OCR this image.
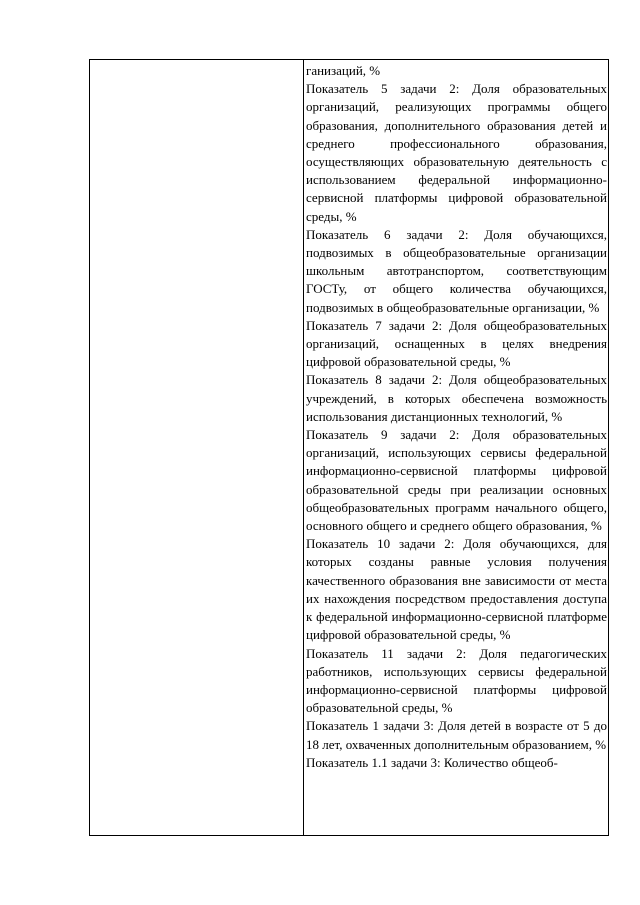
ганизаций, %

Показатель 5 задачи 2: Доля образовательных организаций, реализующих программы общего образования, дополнительного образования детей и среднего профессионального образования, осуществляющих образовательную деятельность с использованием федеральной информационно-сервисной платформы цифровой образовательной среды, %

Показатель 6 задачи 2: Доля обучающихся, подвозимых в общеобразовательные организации школьным автотранспортом, соответствующим ГОСТу, от общего количества обучающихся, подвозимых в общеобразовательные организации, %

Показатель 7 задачи 2: Доля общеобразовательных организаций, оснащенных в целях внедрения цифровой образовательной среды, %

Показатель 8 задачи 2: Доля общеобразовательных учреждений, в которых обеспечена возможность использования дистанционных технологий, %

Показатель 9 задачи 2: Доля образовательных организаций, использующих сервисы федеральной информационно-сервисной платформы цифровой образовательной среды при реализации основных общеобразовательных программ начального общего, основного общего и среднего общего образования, %

Показатель 10 задачи 2: Доля обучающихся, для которых созданы равные условия получения качественного образования вне зависимости от места их нахождения посредством предоставления доступа к федеральной информационно-сервисной платформе цифровой образовательной среды, %

Показатель 11 задачи 2: Доля педагогических работников, использующих сервисы федеральной информационно-сервисной платформы цифровой образовательной среды, %

Показатель 1 задачи 3: Доля детей в возрасте от 5 до 18 лет, охваченных дополнительным образованием, %

Показатель 1.1 задачи 3: Количество общеоб-
